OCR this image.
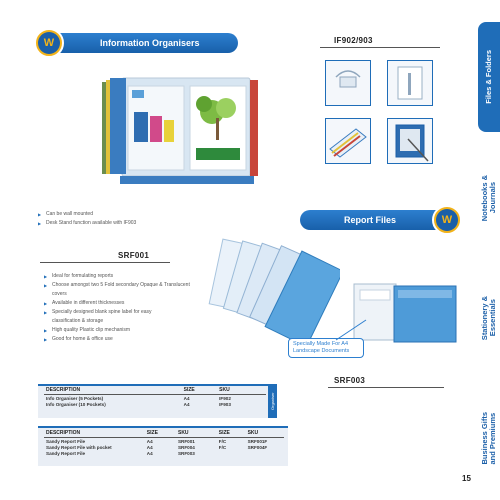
Files & Folders
Notebooks &
Journals
Stationery &
Essentials
Business Gifts
and Premiums
W	Information Organisers	IF902/903
▶ Can be wall mounted
▶ Desk Stand function available with IF903	Report Files	W
SRF001
▶ Ideal for formulating reports
▶ Choose amongst two 5 Fold secondary Opaque & Translucent
covers
▶ Available in different thicknesses
▶ Specially designed blank spine label for easy
classification & storage
▶ High quality Plastic clip mechanism
▶ Good for home & office use
Specially Made For A4
Landscape Documents
SRF003
Organiser
DESCRIPTION	SIZE	SKU
Info Organiser (5 Pockets)	A4	IF902
Info Organiser (10 Pockets)	A4	IF903
DESCRIPTION	SIZE	SKU	SIZE	SKU
Sandy Report File	A4	SRF001	F/C	SRF001F
Sandy Report File with pocket	A4	SRF004	F/C	SRF004F
Sandy Report File	A4	SRF003		
15
